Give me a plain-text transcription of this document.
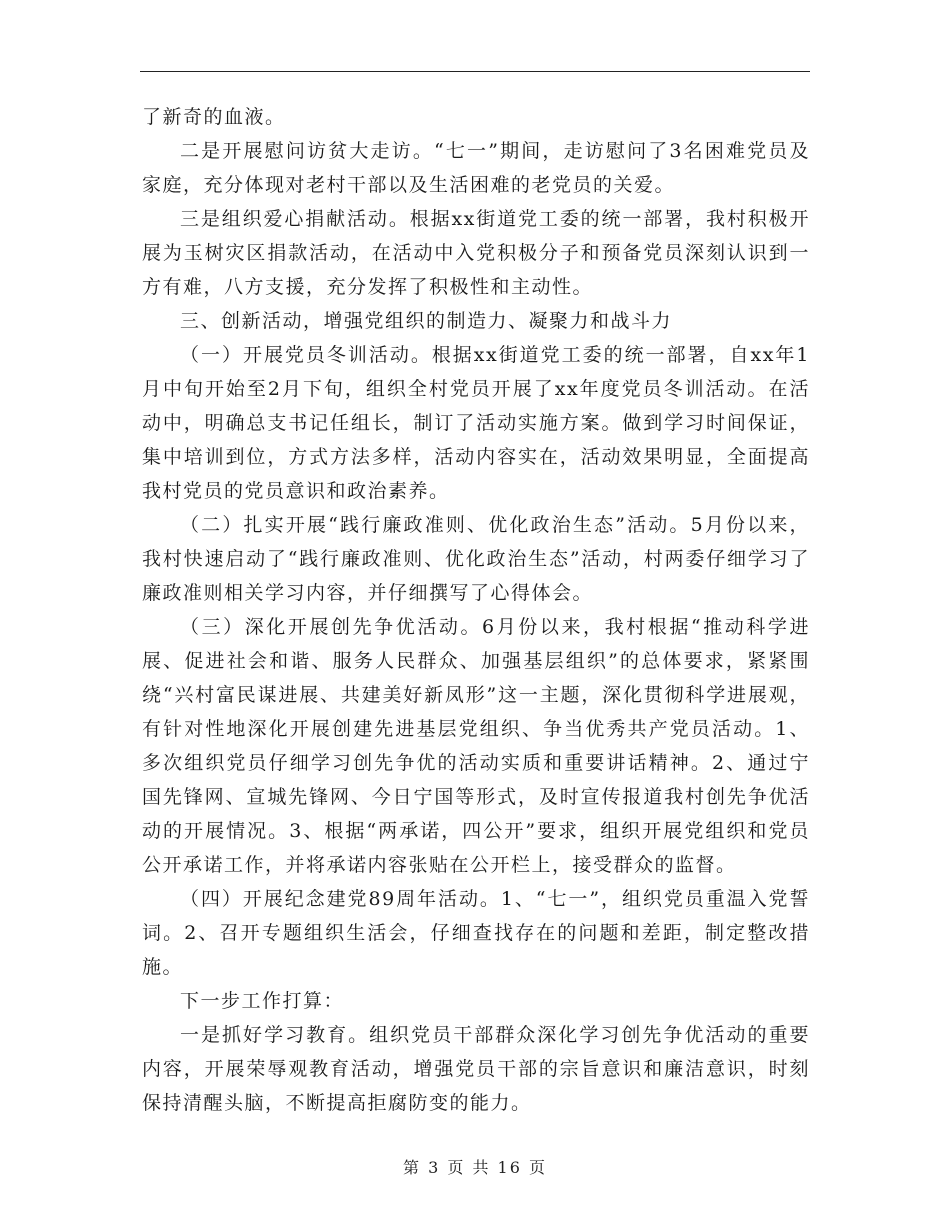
了新奇的血液。

二是开展慰问访贫大走访。“七一”期间，走访慰问了3名困难党员及家庭，充分体现对老村干部以及生活困难的老党员的关爱。

三是组织爱心捐献活动。根据xx街道党工委的统一部署，我村积极开展为玉树灾区捐款活动，在活动中入党积极分子和预备党员深刻认识到一方有难，八方支援，充分发挥了积极性和主动性。

三、创新活动，增强党组织的制造力、凝聚力和战斗力

（一）开展党员冬训活动。根据xx街道党工委的统一部署，自xx年1月中旬开始至2月下旬，组织全村党员开展了xx年度党员冬训活动。在活动中，明确总支书记任组长，制订了活动实施方案。做到学习时间保证，集中培训到位，方式方法多样，活动内容实在，活动效果明显，全面提高我村党员的党员意识和政治素养。

（二）扎实开展“践行廉政准则、优化政治生态”活动。5月份以来，我村快速启动了“践行廉政准则、优化政治生态”活动，村两委仔细学习了廉政准则相关学习内容，并仔细撰写了心得体会。

（三）深化开展创先争优活动。6月份以来，我村根据“推动科学进展、促进社会和谐、服务人民群众、加强基层组织”的总体要求，紧紧围绕“兴村富民谋进展、共建美好新凤形”这一主题，深化贯彻科学进展观，有针对性地深化开展创建先进基层党组织、争当优秀共产党员活动。1、多次组织党员仔细学习创先争优的活动实质和重要讲话精神。2、通过宁国先锋网、宣城先锋网、今日宁国等形式，及时宣传报道我村创先争优活动的开展情况。3、根据“两承诺，四公开”要求，组织开展党组织和党员公开承诺工作，并将承诺内容张贴在公开栏上，接受群众的监督。

（四）开展纪念建党89周年活动。1、“七一”，组织党员重温入党誓词。2、召开专题组织生活会，仔细查找存在的问题和差距，制定整改措施。

下一步工作打算：

一是抓好学习教育。组织党员干部群众深化学习创先争优活动的重要内容，开展荣辱观教育活动，增强党员干部的宗旨意识和廉洁意识，时刻保持清醒头脑，不断提高拒腐防变的能力。

第 3 页 共 16 页
